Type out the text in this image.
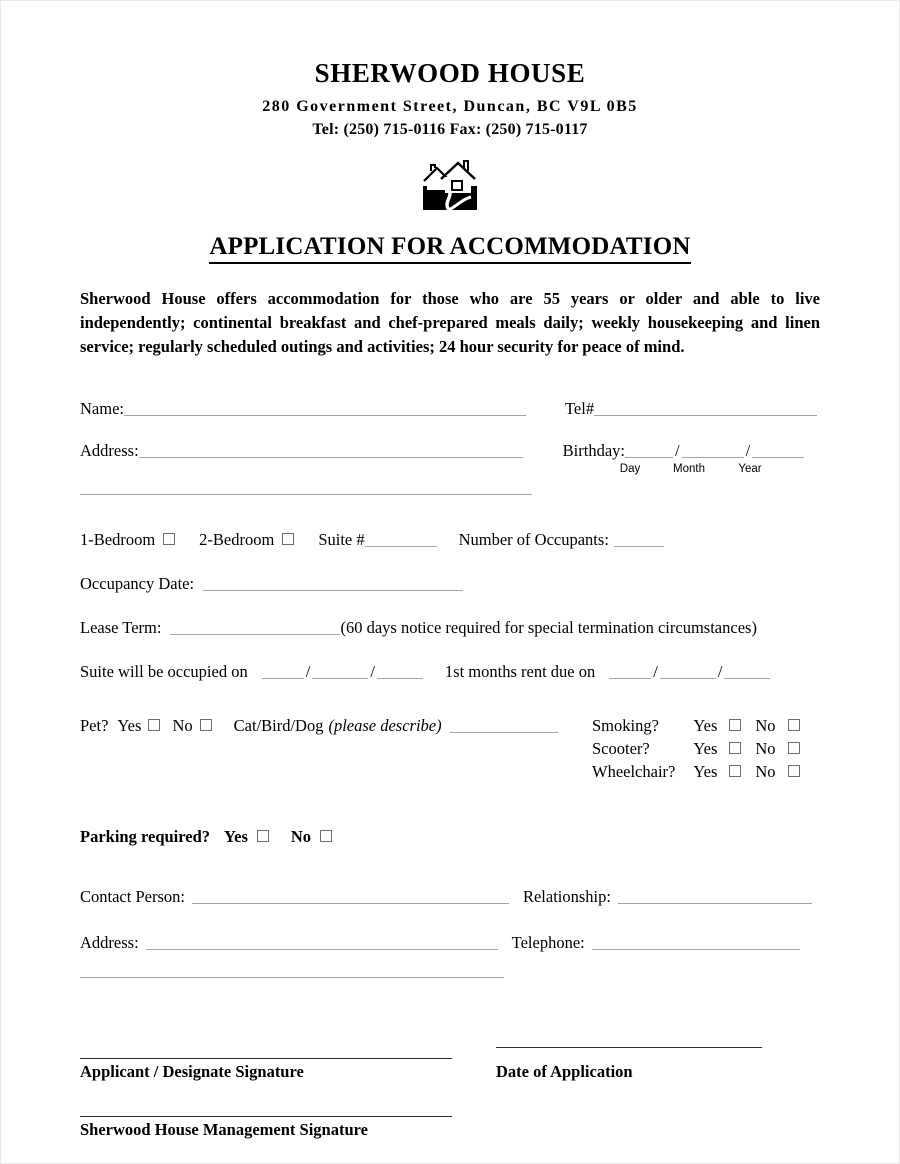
SHERWOOD HOUSE
280 Government Street, Duncan, BC V9L 0B5
Tel: (250) 715-0116 Fax: (250) 715-0117
APPLICATION FOR ACCOMMODATION
Sherwood House offers accommodation for those who are 55 years or older and able to live independently; continental breakfast and chef-prepared meals daily; weekly housekeeping and linen service; regularly scheduled outings and activities; 24 hour security for peace of mind.
Name:	Tel#
Address:	Birthday:	/	/
Day	Month	Year
1-Bedroom	2-Bedroom	Suite #	Number of Occupants:
Occupancy Date:
Lease Term:	(60 days notice required for special termination circumstances)
Suite will be occupied on	/	/	1st months rent due on	/	/
Pet? Yes No Cat/Bird/Dog (please describe)	Smoking?	Yes		No	
Scooter?	Yes		No	
Wheelchair?	Yes		No	
Parking required? Yes	No
Contact Person:	Relationship:
Address:	Telephone:
Applicant / Designate Signature	Date of Application
Sherwood House Management Signature
